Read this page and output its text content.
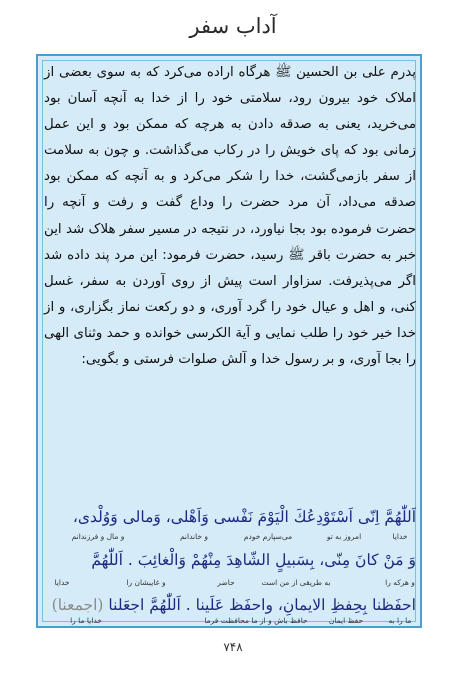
آداب سفر

پدرم علی بن الحسین ﷺ هرگاه اراده می‌کرد که به سوی بعضی از املاک خود بیرون رود، سلامتی خود را از خدا به آنچه آسان بود می‌خرید، یعنی به صدقه دادن به هرچه که ممکن بود و این عمل زمانی بود که پای خویش را در رکاب می‌گذاشت. و چون به سلامت از سفر بازمی‌گشت، خدا را شکر می‌کرد و به آنچه که ممکن بود صدقه می‌داد، آن مرد حضرت را وداع گفت و رفت و آنچه را حضرت فرموده بود بجا نیاورد، در نتیجه در مسیر سفر هلاک شد این خبر به حضرت باقر ﷺ رسید، حضرت فرمود: این مرد پند داده شد اگر می‌پذیرفت. سزاوار است پیش از روی آوردن به سفر، غسل کنی، و اهل و عیال خود را گرد آوری، و دو رکعت نماز بگزاری، و از خدا خیر خود را طلب نمایی و آیة الکرسی خوانده و حمد وثنای الهی را بجا آوری، و بر رسول خدا و آلش صلوات فرستی و بگویی:

اَللّٰهُمَّ اِنّی اَسْتَوْدِعُكَ الْیَوْمَ نَفْسی وَاَهْلی، وَمالی وَوُلْدی،
خدایا
امروز به تو
می‌سپارم خودم
و خاندانم
و مال و فرزندانم
وَ مَنْ کانَ مِنّی، بِسَبیلٍ الشّاهِدَ مِنْهُمْ وَالْغائِبَ . اَللّٰهُمَّ
و هرکه را
به طریقی از من است
حاضر
و غایبشان را
خدایا
احفَظنا بِحِفظِ الایمانِ، واحفَظ عَلَینا . اَللّٰهُمَّ اجعَلنا (اجمعنا)
ما را به
حفظ ایمان
حافظ باش و از ما محافظت فرما
خدایا ما را
۷۴۸
